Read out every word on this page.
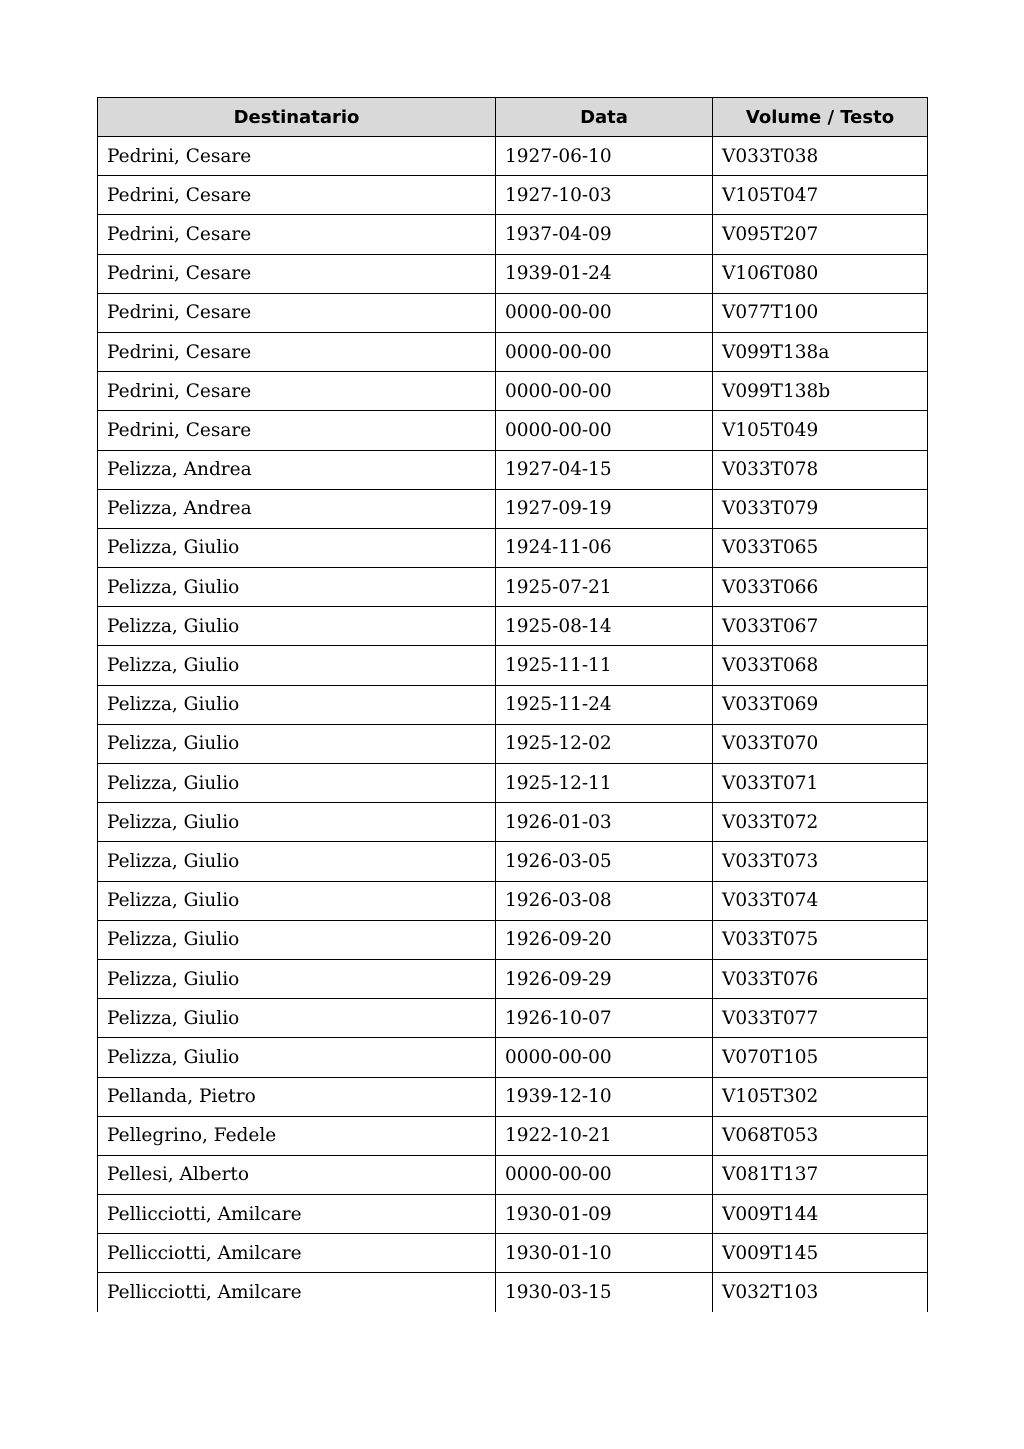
Destinatario	Data	Volume / Testo
Pedrini, Cesare	1927-06-10	V033T038
Pedrini, Cesare	1927-10-03	V105T047
Pedrini, Cesare	1937-04-09	V095T207
Pedrini, Cesare	1939-01-24	V106T080
Pedrini, Cesare	0000-00-00	V077T100
Pedrini, Cesare	0000-00-00	V099T138a
Pedrini, Cesare	0000-00-00	V099T138b
Pedrini, Cesare	0000-00-00	V105T049
Pelizza, Andrea	1927-04-15	V033T078
Pelizza, Andrea	1927-09-19	V033T079
Pelizza, Giulio	1924-11-06	V033T065
Pelizza, Giulio	1925-07-21	V033T066
Pelizza, Giulio	1925-08-14	V033T067
Pelizza, Giulio	1925-11-11	V033T068
Pelizza, Giulio	1925-11-24	V033T069
Pelizza, Giulio	1925-12-02	V033T070
Pelizza, Giulio	1925-12-11	V033T071
Pelizza, Giulio	1926-01-03	V033T072
Pelizza, Giulio	1926-03-05	V033T073
Pelizza, Giulio	1926-03-08	V033T074
Pelizza, Giulio	1926-09-20	V033T075
Pelizza, Giulio	1926-09-29	V033T076
Pelizza, Giulio	1926-10-07	V033T077
Pelizza, Giulio	0000-00-00	V070T105
Pellanda, Pietro	1939-12-10	V105T302
Pellegrino, Fedele	1922-10-21	V068T053
Pellesi, Alberto	0000-00-00	V081T137
Pellicciotti, Amilcare	1930-01-09	V009T144
Pellicciotti, Amilcare	1930-01-10	V009T145
Pellicciotti, Amilcare	1930-03-15	V032T103
